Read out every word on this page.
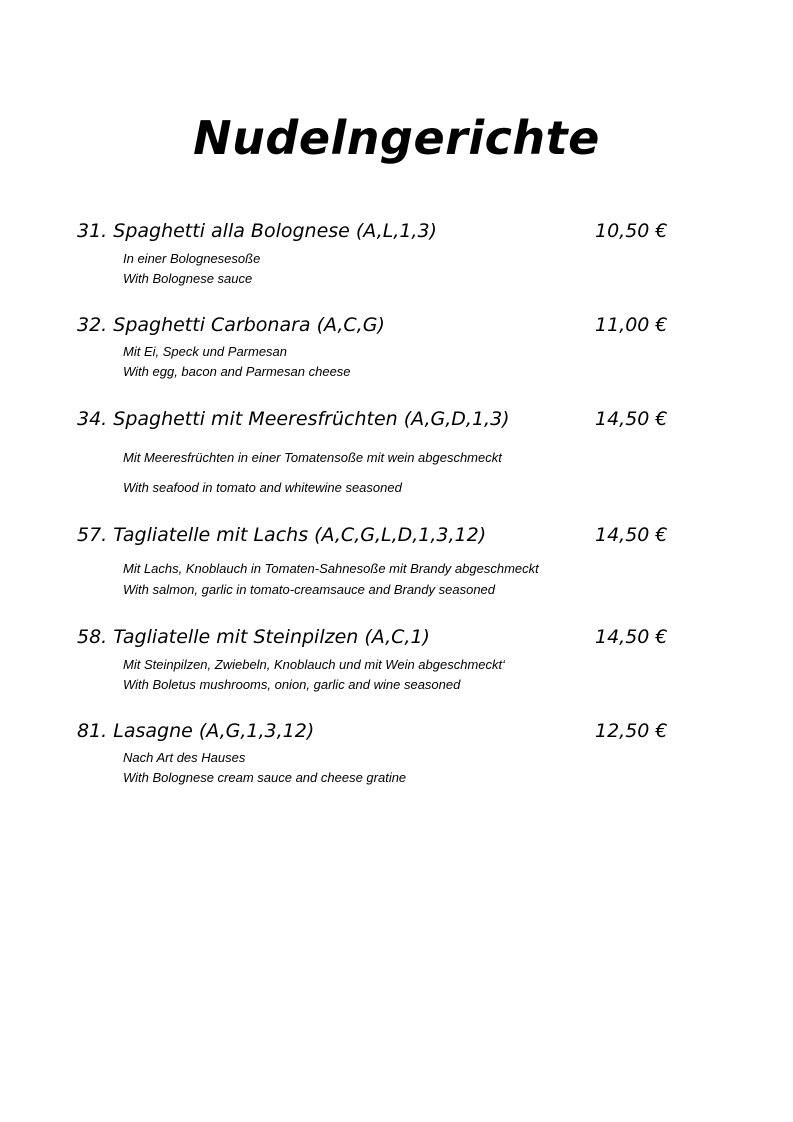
Nudelngerichte
31. Spaghetti alla Bolognese (A,L,1,3)	10,50 €
In einer Bolognesesoße
With Bolognese sauce
32. Spaghetti Carbonara (A,C,G)	11,00 €
Mit Ei, Speck und Parmesan
With egg, bacon and Parmesan cheese
34. Spaghetti mit Meeresfrüchten (A,G,D,1,3)	14,50 €
Mit Meeresfrüchten in einer Tomatensoße mit wein abgeschmeckt
With seafood in tomato and whitewine seasoned
57. Tagliatelle mit Lachs (A,C,G,L,D,1,3,12)	14,50 €
Mit Lachs, Knoblauch in Tomaten-Sahnesoße mit Brandy abgeschmeckt
With salmon, garlic in tomato-creamsauce and Brandy seasoned
58. Tagliatelle mit Steinpilzen (A,C,1)	14,50 €
Mit Steinpilzen, Zwiebeln, Knoblauch und mit Wein abgeschmeckt‘
With Boletus mushrooms, onion, garlic and wine seasoned
81. Lasagne (A,G,1,3,12)	12,50 €
Nach Art des Hauses
With Bolognese cream sauce and cheese gratine
